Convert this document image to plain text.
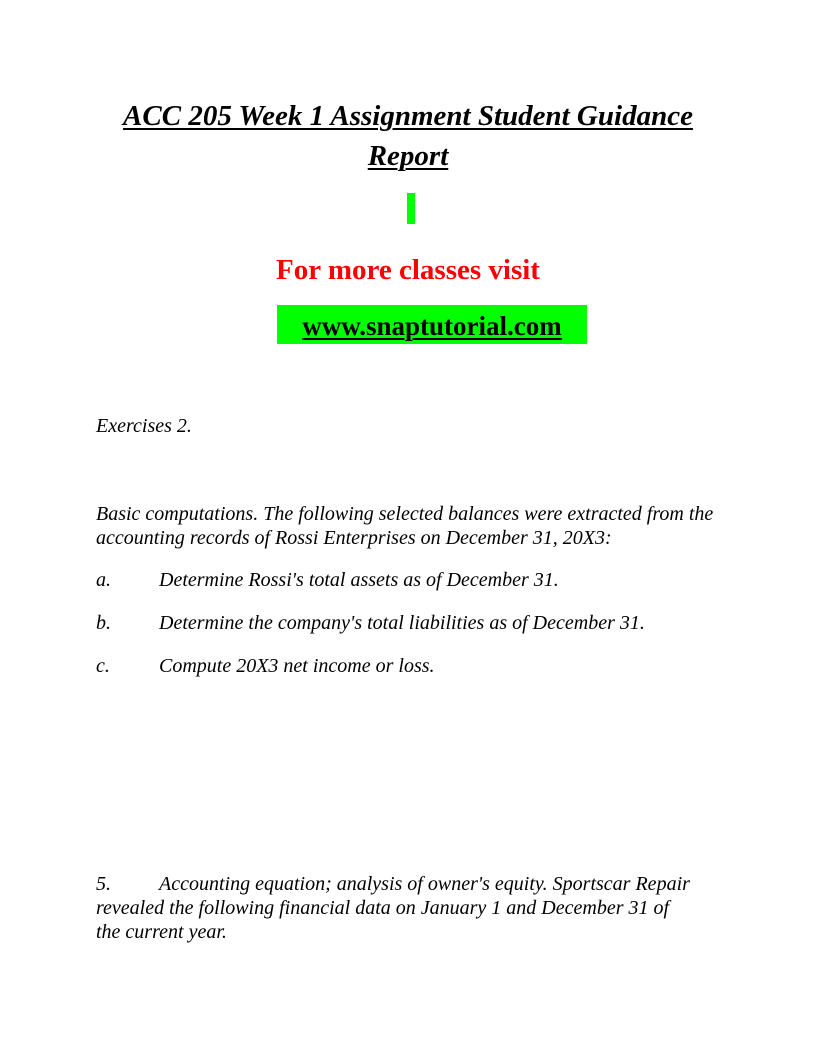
ACC 205 Week 1 Assignment Student Guidance Report

For more classes visit

www.snaptutorial.com

Exercises 2.

Basic computations. The following selected balances were extracted from the accounting records of Rossi Enterprises on December 31, 20X3:

a. Determine Rossi's total assets as of December 31.

b. Determine the company's total liabilities as of December 31.

c. Compute 20X3 net income or loss.

5. Accounting equation; analysis of owner's equity. Sportscar Repair revealed the following financial data on January 1 and December 31 of the current year.
